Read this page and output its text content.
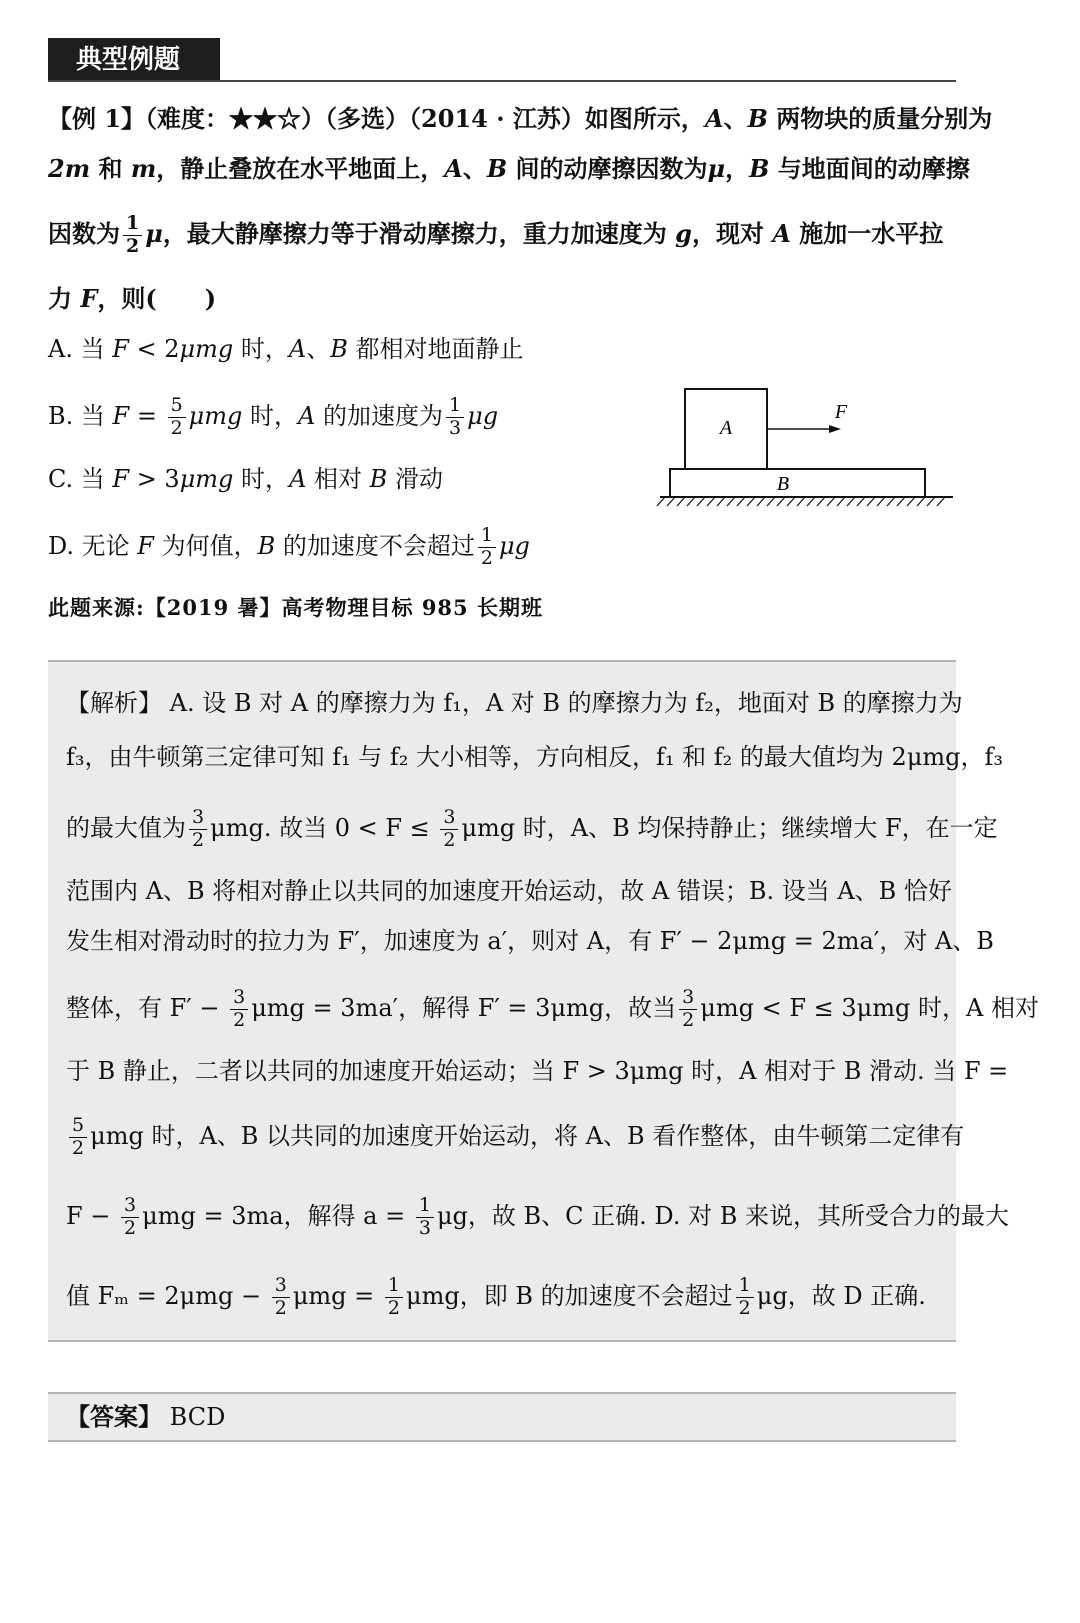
典型例题
【例 1】（难度：★★☆）（多选）（2014 · 江苏）如图所示，A、B 两物块的质量分别为
2m 和 m，静止叠放在水平地面上，A、B 间的动摩擦因数为μ，B 与地面间的动摩擦
因数为 $\frac{1}{2}$ μ，最大静摩擦力等于滑动摩擦力，重力加速度为 g，现对 A 施加一水平拉
力 F，则(　　)
A. 当 F < 2μmg 时，A、B 都相对地面静止
B. 当 $F = \frac{5}{2}$ μmg 时，A 的加速度为 $\frac{1}{3}$ μg
C. 当 F > 3μmg 时，A 相对 B 滑动
D. 无论 F 为何值，B 的加速度不会超过 $\frac{1}{2}$ μg
A
F
B
此题来源:【2019 暑】高考物理目标 985 长期班
【解析】 A. 设 B 对 A 的摩擦力为 f₁，A 对 B 的摩擦力为 f₂，地面对 B 的摩擦力为
f₃，由牛顿第三定律可知 f₁ 与 f₂ 大小相等，方向相反，f₁ 和 f₂ 的最大值均为 2μmg，f₃
的最大值为 $\frac{3}{2} \mu mg$. 故当 $0 < F \le \frac{3}{2}$ μmg 时，A、B 均保持静止；继续增大 F，在一定
范围内 A、B 将相对静止以共同的加速度开始运动，故 A 错误；B. 设当 A、B 恰好
发生相对滑动时的拉力为 F′，加速度为 a′，则对 A，有 F′ − 2μmg = 2ma′，对 A、B
整体，有 $F' - \frac{3}{2}$ μmg = 3ma′，解得 F′ = 3μmg，故当 $\frac{3}{2}$ μmg < F ≤ 3μmg 时，A 相对
于 B 静止，二者以共同的加速度开始运动；当 F > 3μmg 时，A 相对于 B 滑动. 当 F =
$\frac{5}{2}$ μmg 时，A、B 以共同的加速度开始运动，将 A、B 看作整体，由牛顿第二定律有
$F - \frac{3}{2}$ μmg = 3ma，解得 $a = \frac{1}{3}$ μg，故 B、C 正确. D. 对 B 来说，其所受合力的最大
值 $F_m = 2\mu mg - \frac{3}{2}$ $\mu mg = \frac{1}{2}$ μmg，即 B 的加速度不会超过 $\frac{1}{2}$ μg，故 D 正确.
【答案】 BCD
